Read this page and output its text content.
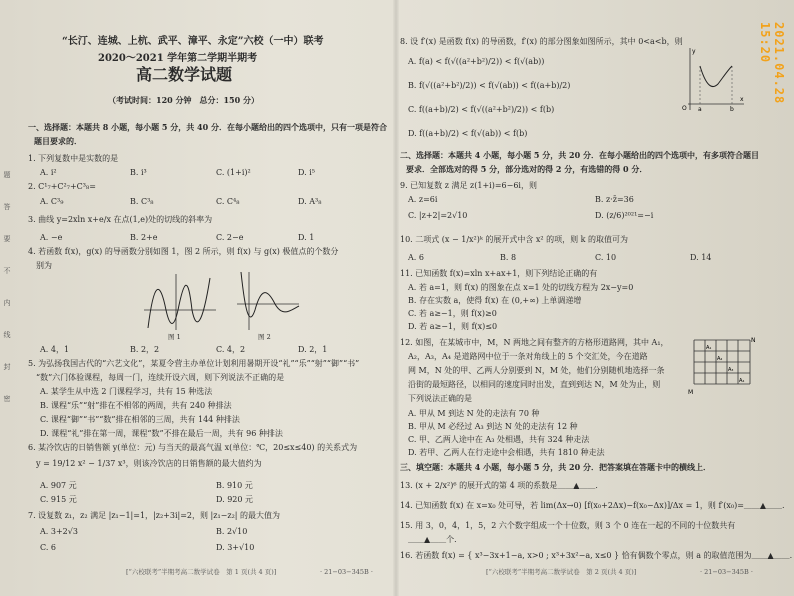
题
答
要
不
内
线
封
密
2021.04.28 15:20
“长汀、连城、上杭、武平、漳平、永定”六校（一中）联考
2020～2021 学年第二学期半期考
高二数学试题
（考试时间：120 分钟　总分：150 分）
一、选择题：本题共 8 小题，每小题 5 分，共 40 分．在每小题给出的四个选项中，只有一项是符合
题目要求的．
1. 下列复数中是实数的是
A. i²	B. i³	C. (1+i)²	D. i⁵
2. C¹₇+C²₇+C³₈=
A. C³₉	B. C³₈	C. C⁴₈	D. A³₈
3. 曲线 y=2xln x+e/x 在点(1,e)处的切线的斜率为
A. −e	B. 2+e	C. 2−e	D. 1
4. 若函数 f(x)，g(x) 的导函数分别如图 1，图 2 所示，则 f(x) 与 g(x) 极值点的个数分
别为
图 1	图 2
A. 4，1	B. 2，2	C. 4，2	D. 2，1
5. 为弘扬我国古代的“六艺文化”，某夏令营主办单位计划利用暑期开设“礼”“乐”“射”“御”“书”
“数”六门体验课程，每周一门，连续开设六周，则下列说法不正确的是
A. 某学生从中选 2 门课程学习，共有 15 种选法
B. 课程“乐”“射”排在不相邻的两周，共有 240 种排法
C. 课程“御”“书”“数”排在相邻的三周，共有 144 种排法
D. 课程“礼”排在第一周，课程“数”不排在最后一周，共有 96 种排法
6. 某冷饮店的日销售额 y(单位：元) 与当天的最高气温 x(单位：℃，20≤x≤40) 的关系式为
y = 19/12 x² − 1/37 x³，则该冷饮店的日销售额的最大值约为
A. 907 元	B. 910 元
C. 915 元	D. 920 元
7. 设复数 z₁，z₂ 满足 |z₁−1|=1，|z₂+3i|=2，则 |z₁−z₂| 的最大值为
A. 3+2√3	B. 2√10
C. 6	D. 3+√10
[“六校联考”半期考高二数学试卷　第 1 页(共 4 页)]	· 21−03−345B ·
8. 设 f′(x) 是函数 f(x) 的导函数，f′(x) 的部分图象如图所示，其中 0<a<b，则
A. f(a) < f(√((a²+b²)/2)) < f(√(ab))
B. f(√((a²+b²)/2)) < f(√(ab)) < f((a+b)/2)
C. f((a+b)/2) < f(√((a²+b²)/2)) < f(b)
D. f((a+b)/2) < f(√(ab)) < f(b)
O a	b
x
y
二、选择题：本题共 4 小题，每小题 5 分，共 20 分．在每小题给出的四个选项中，有多项符合题目
要求．全部选对的得 5 分，部分选对的得 2 分，有选错的得 0 分．
9. 已知复数 z 满足 z(1+i)=6−6i，则
A. z=6i	B. z·z̄=36
C. |z+2|=2√10	D. (z/6)²⁰²¹=−i
10. 二项式 (x − 1/x²)ᵏ 的展开式中含 x² 的项，则 k 的取值可为
A. 6	B. 8	C. 10	D. 14
11. 已知函数 f(x)=xln x+ax+1，则下列结论正确的有
A. 若 a=1，则 f(x) 的图象在点 x=1 处的切线方程为 2x−y=0
B. 存在实数 a，使得 f(x) 在 (0,+∞) 上单调递增
C. 若 a≥−1，则 f(x)≥0
D. 若 a≥−1，则 f(x)≤0
12. 如图，在某城市中，M，N 两地之间有整齐的方格形道路网，其中 A₁，
A₂，A₃，A₄ 是道路网中位于一条对角线上的 5 个交汇处，今在道路
网 M，N 处的甲、乙两人分别要到 N，M 处，他们分别随机地选择一条
沿街的最短路径，以相同的速度同时出发，直到到达 N，M 处为止，则
下列说法正确的是
M
N
A₁
A₂
A₃
A₄
A. 甲从 M 到达 N 处的走法有 70 种
B. 甲从 M 必经过 A₃ 到达 N 处的走法有 12 种
C. 甲、乙两人途中在 A₃ 处相遇，共有 324 种走法
D. 若甲、乙两人在行走途中会相遇，共有 1810 种走法
三、填空题：本题共 4 小题，每小题 5 分，共 20 分．把答案填在答题卡中的横线上．
13. (x + 2/x²)⁶ 的展开式的第 4 项的系数是＿＿▲＿＿．
14. 已知函数 f(x) 在 x=x₀ 处可导，若 lim(Δx→0) [f(x₀+2Δx)−f(x₀−Δx)]/Δx = 1，则 f′(x₀)=＿＿▲＿＿.
15. 用 3，0，4，1，5，2 六个数字组成一个十位数，则 3 个 0 连在一起的不同的十位数共有
＿＿▲＿＿个．
16. 若函数 f(x) = { x³−3x+1−a, x>0 ; x³+3x²−a, x≤0 } 恰有偶数个零点，则 a 的取值范围为＿＿▲＿＿.
[“六校联考”半期考高二数学试卷　第 2 页(共 4 页)]	· 21−03−345B ·
